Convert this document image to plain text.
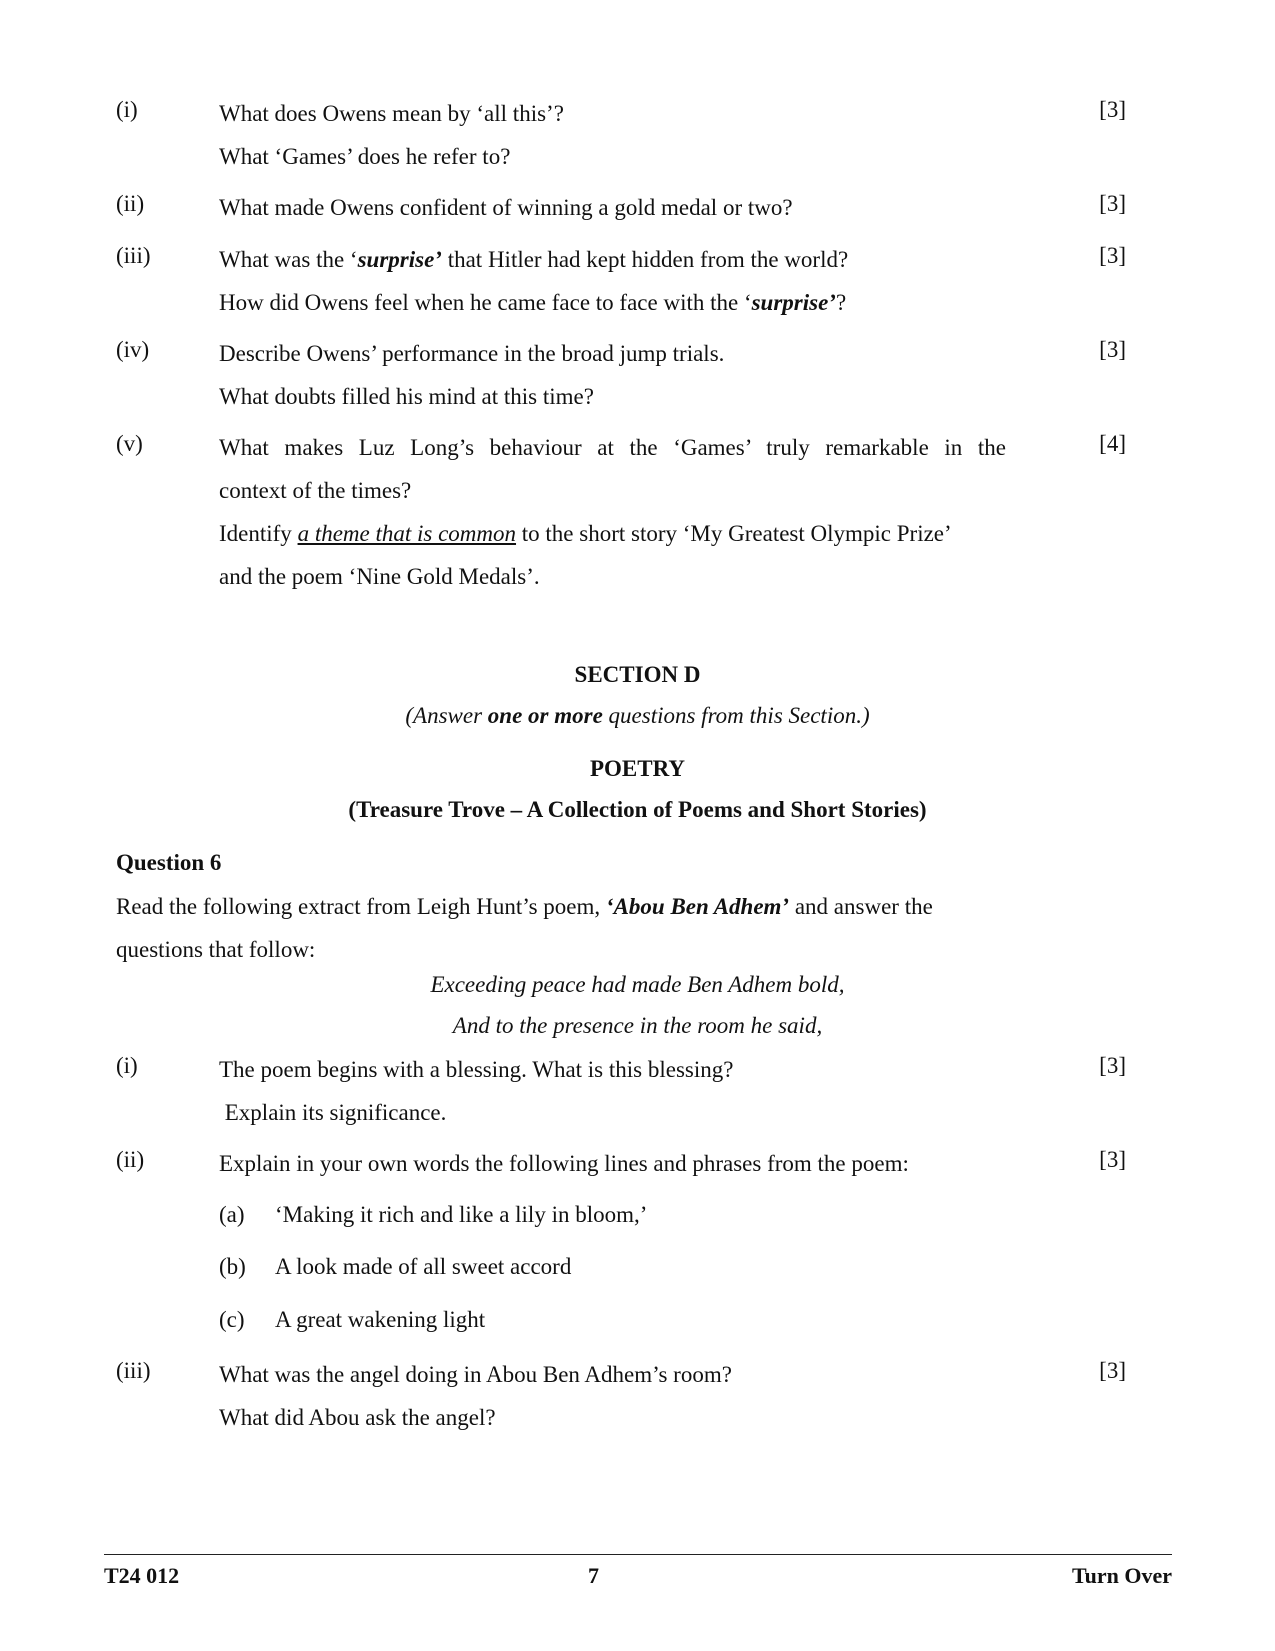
(i)	What does Owens mean by ‘all this’?
What ‘Games’ does he refer to?
[3]
(ii)	What made Owens confident of winning a gold medal or two?	[3]
(iii)	What was the ‘surprise’ that Hitler had kept hidden from the world?
How did Owens feel when he came face to face with the ‘surprise’?
[3]
(iv)	Describe Owens’ performance in the broad jump trials.
What doubts filled his mind at this time?
[3]
(v)	What makes Luz Long’s behaviour at the ‘Games’ truly remarkable in the
context of the times?
Identify a theme that is common to the short story ‘My Greatest Olympic Prize’
and the poem ‘Nine Gold Medals’.
[4]
SECTION D
(Answer one or more questions from this Section.)
POETRY
(Treasure Trove – A Collection of Poems and Short Stories)
Question 6
Read the following extract from Leigh Hunt’s poem, ‘Abou Ben Adhem’ and answer the
questions that follow:
Exceeding peace had made Ben Adhem bold,
And to the presence in the room he said,
(i)	The poem begins with a blessing. What is this blessing?
Explain its significance.
[3]
(ii)	Explain in your own words the following lines and phrases from the poem:	[3]
(a) ‘Making it rich and like a lily in bloom,’
(b) A look made of all sweet accord
(c) A great wakening light
(iii)	What was the angel doing in Abou Ben Adhem’s room?
What did Abou ask the angel?
[3]
T24 012	7	Turn Over
